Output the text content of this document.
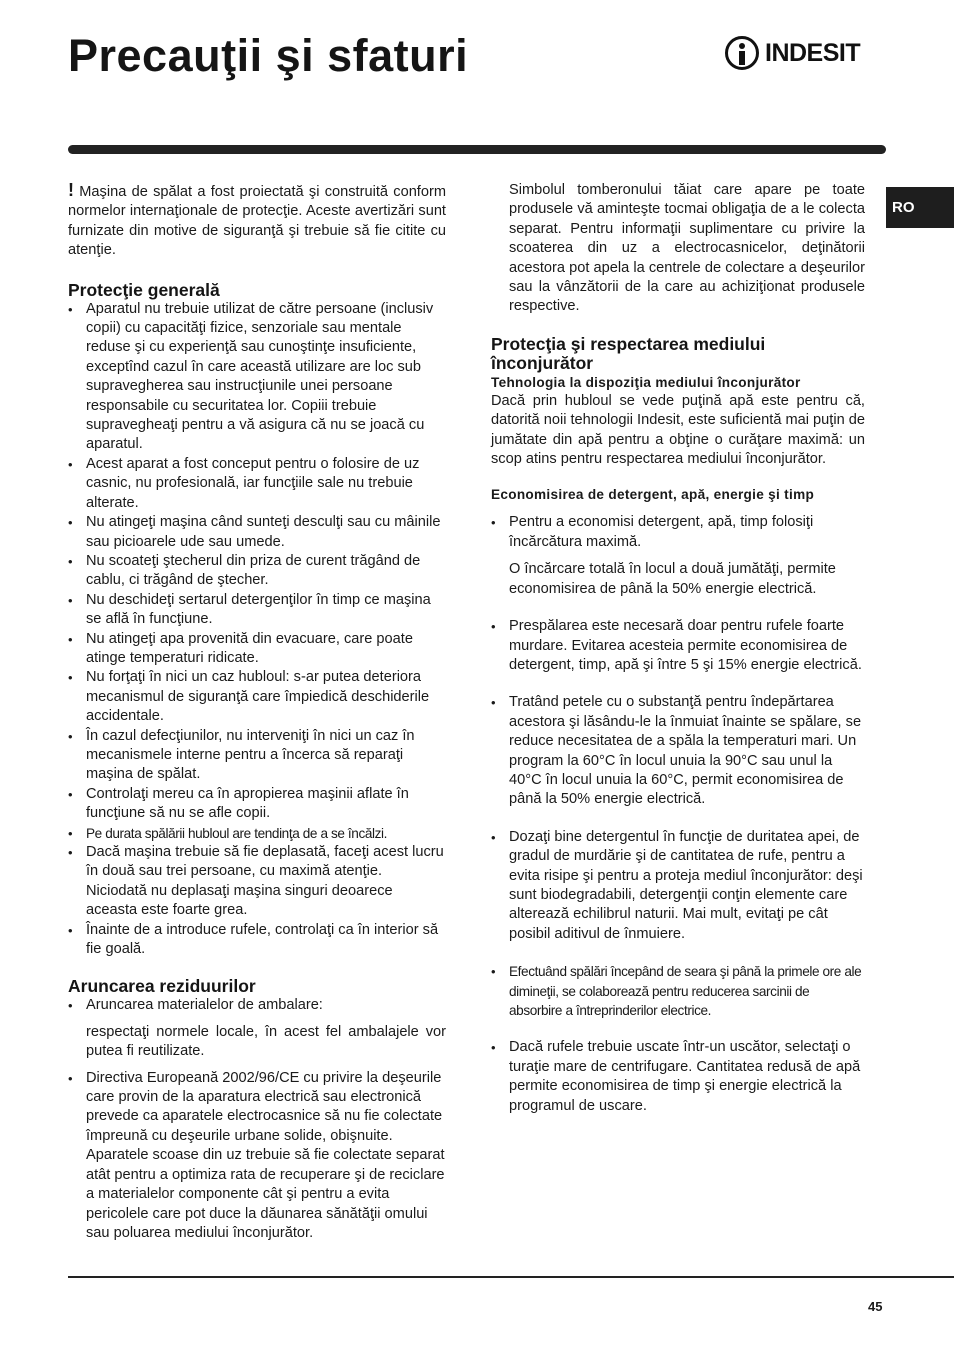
Precauţii şi sfaturi	INDESIT
RO

! Maşina de spălat a fost proiectată şi construită conform normelor internaţionale de protecţie. Aceste avertizări sunt furnizate din motive de siguranţă şi trebuie să fie citite cu atenţie.

Protecţie generală
• Aparatul nu trebuie utilizat de către persoane (inclusiv copii) cu capacităţi fizice, senzoriale sau mentale reduse şi cu experienţă sau cunoştinţe insuficiente, exceptînd cazul în care această utilizare are loc sub supravegherea sau instrucţiunile unei persoane responsabile cu securitatea lor. Copiii trebuie supravegheaţi pentru a vă asigura că nu se joacă cu aparatul.
• Acest aparat a fost conceput pentru o folosire de uz casnic, nu profesională, iar funcţiile sale nu trebuie alterate.
• Nu atingeţi maşina când sunteţi desculţi sau cu mâinile sau picioarele ude sau umede.
• Nu scoateţi ştecherul din priza de curent trăgând de cablu, ci trăgând de ştecher.
• Nu deschideţi sertarul detergenţilor în timp ce maşina se află în funcţiune.
• Nu atingeţi apa provenită din evacuare, care poate atinge temperaturi ridicate.
• Nu forţaţi în nici un caz hubloul: s-ar putea deteriora mecanismul de siguranţă care împiedică deschiderile accidentale.
• În cazul defecţiunilor, nu interveniţi în nici un caz în mecanismele interne pentru a încerca să reparaţi maşina de spălat.
• Controlaţi mereu ca în apropierea maşinii aflate în funcţiune să nu se afle copii.
• Pe durata spălării hubloul are tendinţa de a se încălzi.
• Dacă maşina trebuie să fie deplasată, faceţi acest lucru în două sau trei persoane, cu maximă atenţie. Niciodată nu deplasaţi maşina singuri deoarece aceasta este foarte grea.
• Înainte de a introduce rufele, controlaţi ca în interior să fie goală.
Aruncarea reziduurilor
• Aruncarea materialelor de ambalare:

respectaţi normele locale, în acest fel ambalajele vor putea fi reutilizate.

• Directiva Europeană 2002/96/CE cu privire la deşeurile care provin de la aparatura electrică sau electronică prevede ca aparatele electrocasnice să nu fie colectate împreună cu deşeurile urbane solide, obişnuite. Aparatele scoase din uz trebuie să fie colectate separat atât pentru a optimiza rata de recuperare şi de reciclare a materialelor componente cât şi pentru a evita pericolele care pot duce la dăunarea sănătăţii omului sau poluarea mediului înconjurător.

Simbolul tomberonului tăiat care apare pe toate produsele vă aminteşte tocmai obligaţia de a le colecta separat. Pentru informaţii suplimentare cu privire la scoaterea din uz a electrocasnicelor, deţinătorii acestora pot apela la centrele de colectare a deşeurilor sau la vânzătorii de la care au achiziţionat produsele respective.

Protecţia şi respectarea mediului înconjurător
Tehnologia la dispoziţia mediului înconjurător

Dacă prin hubloul se vede puţină apă este pentru că, datorită noii tehnologii Indesit, este suficientă mai puţin de jumătate din apă pentru a obţine o curăţare maximă: un scop atins pentru respectarea mediului înconjurător.

Economisirea de detergent, apă, energie şi timp
• Pentru a economisi detergent, apă, timp folosiţi încărcătura maximă.

O încărcare totală în locul a două jumătăţi, permite economisirea de până la 50% energie electrică.

• Prespălarea este necesară doar pentru rufele foarte murdare. Evitarea acesteia permite economisirea de detergent, timp, apă şi între 5 şi 15% energie electrică.
• Tratând petele cu o substanţă pentru îndepărtarea acestora şi lăsându-le la înmuiat înainte se spălare, se reduce necesitatea de a spăla la temperaturi mari. Un program la 60°C în locul unuia la 90°C sau unul la 40°C în locul unuia la 60°C, permit economisirea de până la 50% energie electrică.
• Dozaţi bine detergentul în funcţie de duritatea apei, de gradul de murdărie şi de cantitatea de rufe, pentru a evita risipe şi pentru a proteja mediul înconjurător: deşi sunt biodegradabili, detergenţii conţin elemente care alterează echilibrul naturii. Mai mult, evitaţi pe cât posibil aditivul de înmuiere.
• Efectuând spălări începând de seara şi până la primele ore ale dimineţii, se colaborează pentru reducerea sarcinii de absorbire a întreprinderilor electrice.
• Dacă rufele trebuie uscate într-un uscător, selectaţi o turaţie mare de centrifugare. Cantitatea redusă de apă permite economisirea de timp şi energie electrică la programul de uscare.
45
